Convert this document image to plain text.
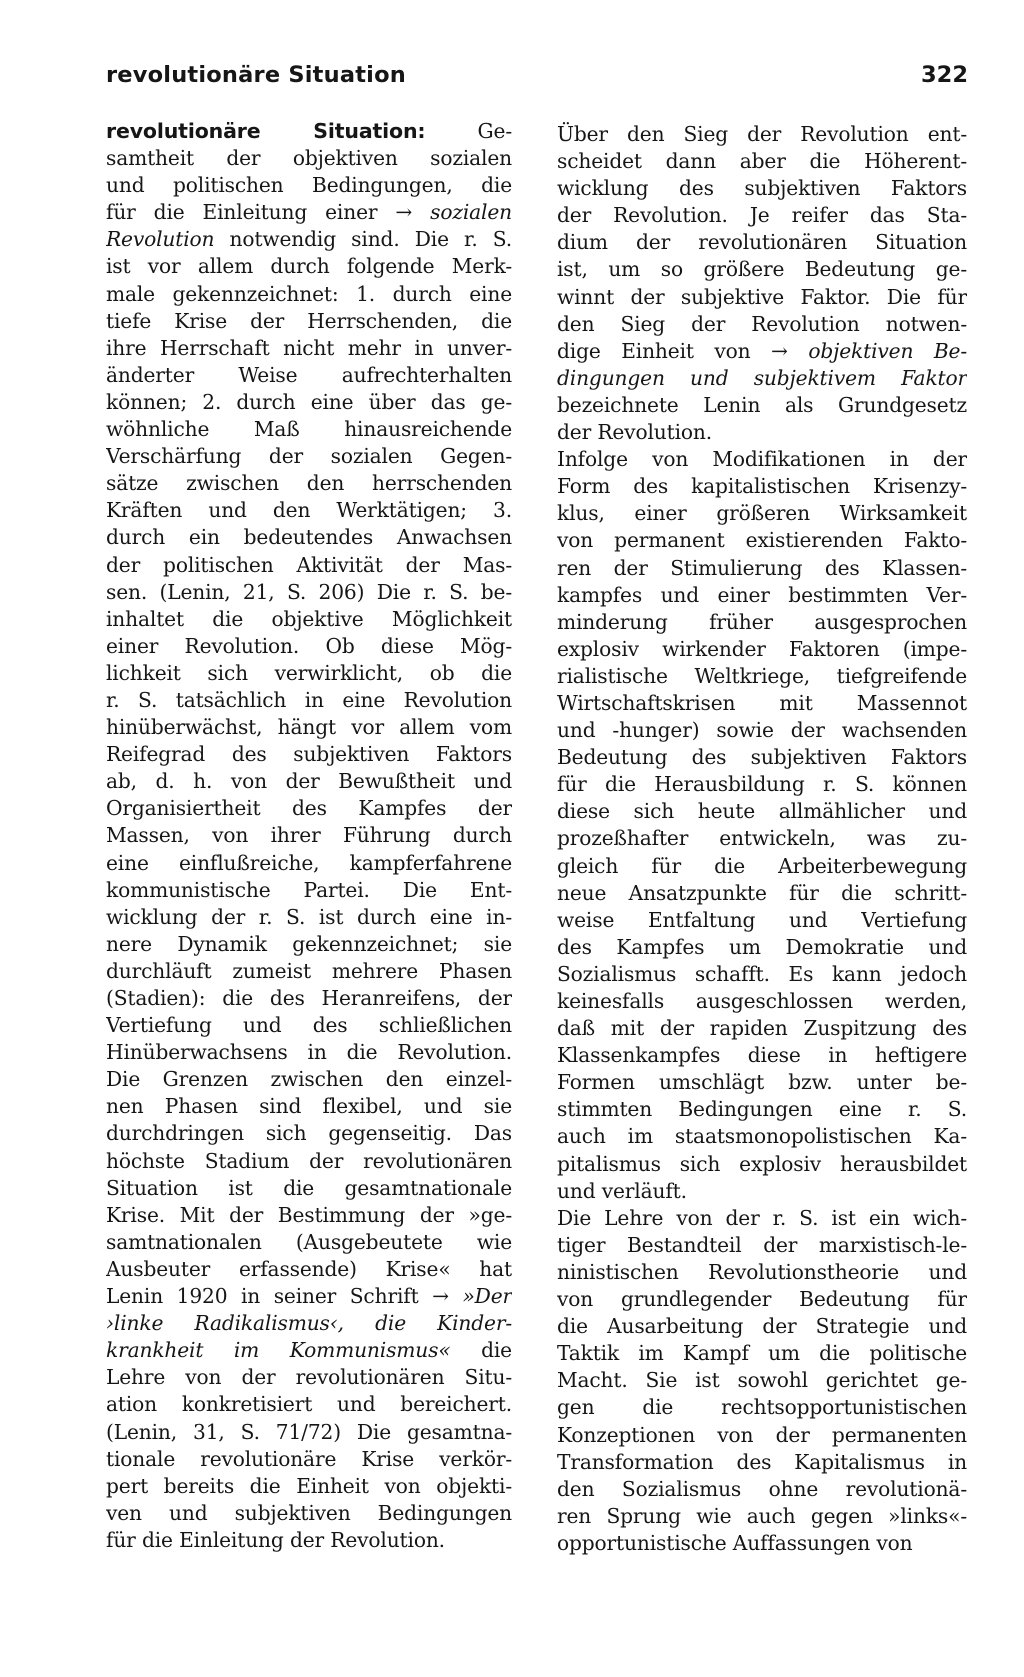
revolutionäre Situation	322
revolutionäre Situation: Ge-
samtheit der objektiven sozialen
und politischen Bedingungen, die
für die Einleitung einer → sozialen
Revolution notwendig sind. Die r. S.
ist vor allem durch folgende Merk-
male gekennzeichnet: 1. durch eine
tiefe Krise der Herrschenden, die
ihre Herrschaft nicht mehr in unver-
änderter Weise aufrechterhalten
können; 2. durch eine über das ge-
wöhnliche Maß hinausreichende
Verschärfung der sozialen Gegen-
sätze zwischen den herrschenden
Kräften und den Werktätigen; 3.
durch ein bedeutendes Anwachsen
der politischen Aktivität der Mas-
sen. (Lenin, 21, S. 206) Die r. S. be-
inhaltet die objektive Möglichkeit
einer Revolution. Ob diese Mög-
lichkeit sich verwirklicht, ob die
r. S. tatsächlich in eine Revolution
hinüberwächst, hängt vor allem vom
Reifegrad des subjektiven Faktors
ab, d. h. von der Bewußtheit und
Organisiertheit des Kampfes der
Massen, von ihrer Führung durch
eine einflußreiche, kampferfahrene
kommunistische Partei. Die Ent-
wicklung der r. S. ist durch eine in-
nere Dynamik gekennzeichnet; sie
durchläuft zumeist mehrere Phasen
(Stadien): die des Heranreifens, der
Vertiefung und des schließlichen
Hinüberwachsens in die Revolution.
Die Grenzen zwischen den einzel-
nen Phasen sind flexibel, und sie
durchdringen sich gegenseitig. Das
höchste Stadium der revolutionären
Situation ist die gesamtnationale
Krise. Mit der Bestimmung der »ge-
samtnationalen (Ausgebeutete wie
Ausbeuter erfassende) Krise« hat
Lenin 1920 in seiner Schrift → »Der
›linke Radikalismus‹, die Kinder-
krankheit im Kommunismus« die
Lehre von der revolutionären Situ-
ation konkretisiert und bereichert.
(Lenin, 31, S. 71/72) Die gesamtna-
tionale revolutionäre Krise verkör-
pert bereits die Einheit von objekti-
ven und subjektiven Bedingungen
für die Einleitung der Revolution.
Über den Sieg der Revolution ent-
scheidet dann aber die Höherent-
wicklung des subjektiven Faktors
der Revolution. Je reifer das Sta-
dium der revolutionären Situation
ist, um so größere Bedeutung ge-
winnt der subjektive Faktor. Die für
den Sieg der Revolution notwen-
dige Einheit von → objektiven Be-
dingungen und subjektivem Faktor
bezeichnete Lenin als Grundgesetz
der Revolution.
Infolge von Modifikationen in der
Form des kapitalistischen Krisenzy-
klus, einer größeren Wirksamkeit
von permanent existierenden Fakto-
ren der Stimulierung des Klassen-
kampfes und einer bestimmten Ver-
minderung früher ausgesprochen
explosiv wirkender Faktoren (impe-
rialistische Weltkriege, tiefgreifende
Wirtschaftskrisen mit Massennot
und -hunger) sowie der wachsenden
Bedeutung des subjektiven Faktors
für die Herausbildung r. S. können
diese sich heute allmählicher und
prozeßhafter entwickeln, was zu-
gleich für die Arbeiterbewegung
neue Ansatzpunkte für die schritt-
weise Entfaltung und Vertiefung
des Kampfes um Demokratie und
Sozialismus schafft. Es kann jedoch
keinesfalls ausgeschlossen werden,
daß mit der rapiden Zuspitzung des
Klassenkampfes diese in heftigere
Formen umschlägt bzw. unter be-
stimmten Bedingungen eine r. S.
auch im staatsmonopolistischen Ka-
pitalismus sich explosiv herausbildet
und verläuft.
Die Lehre von der r. S. ist ein wich-
tiger Bestandteil der marxistisch-le-
ninistischen Revolutionstheorie und
von grundlegender Bedeutung für
die Ausarbeitung der Strategie und
Taktik im Kampf um die politische
Macht. Sie ist sowohl gerichtet ge-
gen die rechtsopportunistischen
Konzeptionen von der permanenten
Transformation des Kapitalismus in
den Sozialismus ohne revolutionä-
ren Sprung wie auch gegen »links«-
opportunistische Auffassungen von
